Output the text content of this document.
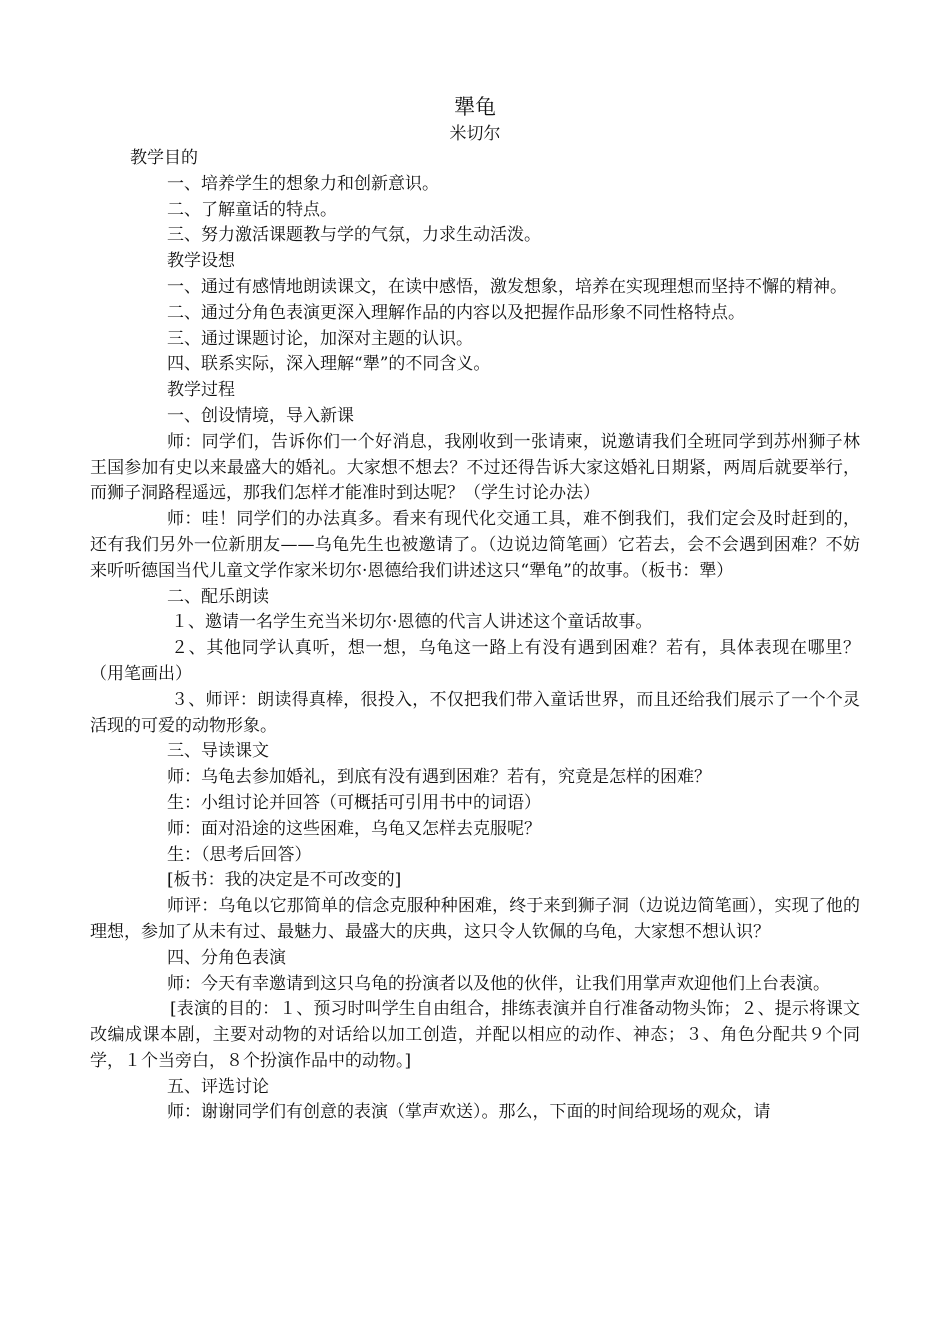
犟龟
米切尔

教学目的

一、培养学生的想象力和创新意识。

二、了解童话的特点。

三、努力激活课题教与学的气氛，力求生动活泼。

教学设想

一、通过有感情地朗读课文，在读中感悟，激发想象，培养在实现理想而坚持不懈的精神。

二、通过分角色表演更深入理解作品的内容以及把握作品形象不同性格特点。

三、通过课题讨论，加深对主题的认识。

四、联系实际，深入理解“犟”的不同含义。

教学过程

一、创设情境，导入新课

师：同学们，告诉你们一个好消息，我刚收到一张请柬，说邀请我们全班同学到苏州狮子林王国参加有史以来最盛大的婚礼。大家想不想去？不过还得告诉大家这婚礼日期紧，两周后就要举行，而狮子洞路程遥远，那我们怎样才能准时到达呢？（学生讨论办法）

师：哇！同学们的办法真多。看来有现代化交通工具，难不倒我们，我们定会及时赶到的，还有我们另外一位新朋友——乌龟先生也被邀请了。（边说边简笔画）它若去，会不会遇到困难？不妨来听听德国当代儿童文学作家米切尔·恩德给我们讲述这只“犟龟”的故事。（板书：犟）

二、配乐朗读

１、邀请一名学生充当米切尔·恩德的代言人讲述这个童话故事。

２、其他同学认真听，想一想，乌龟这一路上有没有遇到困难？若有，具体表现在哪里？（用笔画出）

３、师评：朗读得真棒，很投入，不仅把我们带入童话世界，而且还给我们展示了一个个灵活现的可爱的动物形象。

三、导读课文

师：乌龟去参加婚礼，到底有没有遇到困难？若有，究竟是怎样的困难？

生：小组讨论并回答（可概括可引用书中的词语）

师：面对沿途的这些困难，乌龟又怎样去克服呢？

生：（思考后回答）

[板书：我的决定是不可改变的]

师评：乌龟以它那简单的信念克服种种困难，终于来到狮子洞（边说边简笔画），实现了他的理想，参加了从未有过、最魅力、最盛大的庆典，这只令人钦佩的乌龟，大家想不想认识？

四、分角色表演

师：今天有幸邀请到这只乌龟的扮演者以及他的伙伴，让我们用掌声欢迎他们上台表演。

[表演的目的：１、预习时叫学生自由组合，排练表演并自行准备动物头饰；２、提示将课文改编成课本剧，主要对动物的对话给以加工创造，并配以相应的动作、神态；３、角色分配共９个同学，１个当旁白，８个扮演作品中的动物。]

五、评选讨论

师：谢谢同学们有创意的表演（掌声欢送）。那么，下面的时间给现场的观众，请
